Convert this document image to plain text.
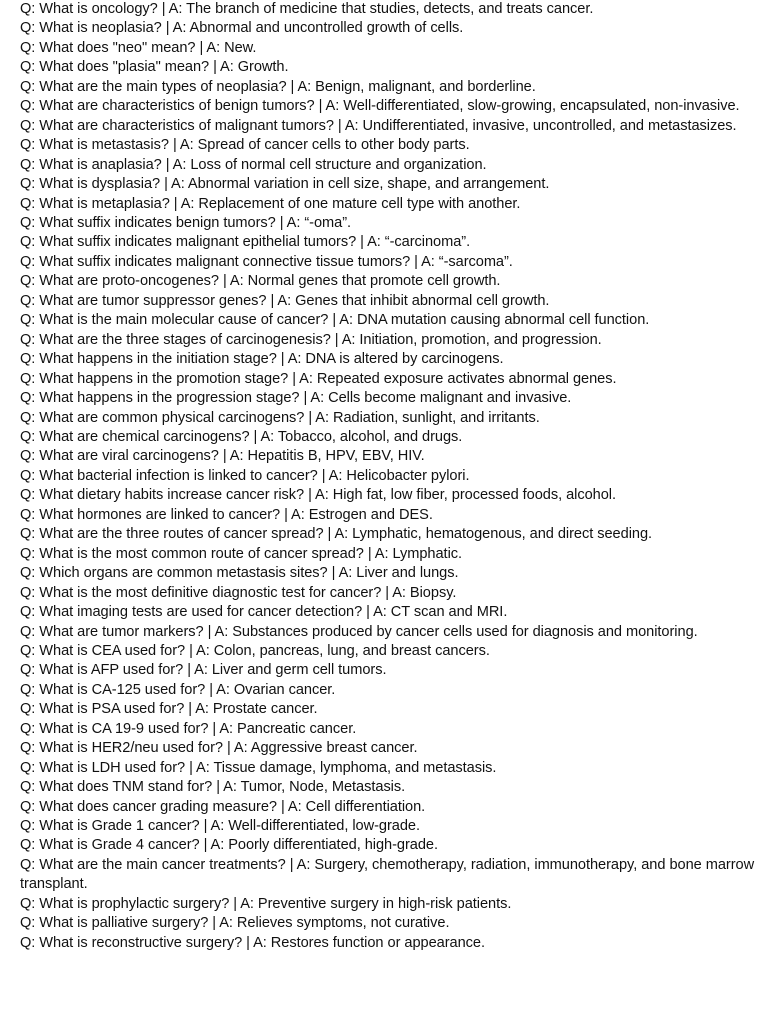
Q: What is oncology? | A: The branch of medicine that studies, detects, and treats cancer.

Q: What is neoplasia? | A: Abnormal and uncontrolled growth of cells.

Q: What does "neo" mean? | A: New.

Q: What does "plasia" mean? | A: Growth.

Q: What are the main types of neoplasia? | A: Benign, malignant, and borderline.

Q: What are characteristics of benign tumors? | A: Well-differentiated, slow-growing, encapsulated, non-invasive.

Q: What are characteristics of malignant tumors? | A: Undifferentiated, invasive, uncontrolled, and metastasizes.

Q: What is metastasis? | A: Spread of cancer cells to other body parts.

Q: What is anaplasia? | A: Loss of normal cell structure and organization.

Q: What is dysplasia? | A: Abnormal variation in cell size, shape, and arrangement.

Q: What is metaplasia? | A: Replacement of one mature cell type with another.

Q: What suffix indicates benign tumors? | A: “-oma”.

Q: What suffix indicates malignant epithelial tumors? | A: “-carcinoma”.

Q: What suffix indicates malignant connective tissue tumors? | A: “-sarcoma”.

Q: What are proto-oncogenes? | A: Normal genes that promote cell growth.

Q: What are tumor suppressor genes? | A: Genes that inhibit abnormal cell growth.

Q: What is the main molecular cause of cancer? | A: DNA mutation causing abnormal cell function.

Q: What are the three stages of carcinogenesis? | A: Initiation, promotion, and progression.

Q: What happens in the initiation stage? | A: DNA is altered by carcinogens.

Q: What happens in the promotion stage? | A: Repeated exposure activates abnormal genes.

Q: What happens in the progression stage? | A: Cells become malignant and invasive.

Q: What are common physical carcinogens? | A: Radiation, sunlight, and irritants.

Q: What are chemical carcinogens? | A: Tobacco, alcohol, and drugs.

Q: What are viral carcinogens? | A: Hepatitis B, HPV, EBV, HIV.

Q: What bacterial infection is linked to cancer? | A: Helicobacter pylori.

Q: What dietary habits increase cancer risk? | A: High fat, low fiber, processed foods, alcohol.

Q: What hormones are linked to cancer? | A: Estrogen and DES.

Q: What are the three routes of cancer spread? | A: Lymphatic, hematogenous, and direct seeding.

Q: What is the most common route of cancer spread? | A: Lymphatic.

Q: Which organs are common metastasis sites? | A: Liver and lungs.

Q: What is the most definitive diagnostic test for cancer? | A: Biopsy.

Q: What imaging tests are used for cancer detection? | A: CT scan and MRI.

Q: What are tumor markers? | A: Substances produced by cancer cells used for diagnosis and monitoring.

Q: What is CEA used for? | A: Colon, pancreas, lung, and breast cancers.

Q: What is AFP used for? | A: Liver and germ cell tumors.

Q: What is CA-125 used for? | A: Ovarian cancer.

Q: What is PSA used for? | A: Prostate cancer.

Q: What is CA 19-9 used for? | A: Pancreatic cancer.

Q: What is HER2/neu used for? | A: Aggressive breast cancer.

Q: What is LDH used for? | A: Tissue damage, lymphoma, and metastasis.

Q: What does TNM stand for? | A: Tumor, Node, Metastasis.

Q: What does cancer grading measure? | A: Cell differentiation.

Q: What is Grade 1 cancer? | A: Well-differentiated, low-grade.

Q: What is Grade 4 cancer? | A: Poorly differentiated, high-grade.

Q: What are the main cancer treatments? | A: Surgery, chemotherapy, radiation, immunotherapy, and bone marrow transplant.

Q: What is prophylactic surgery? | A: Preventive surgery in high-risk patients.

Q: What is palliative surgery? | A: Relieves symptoms, not curative.

Q: What is reconstructive surgery? | A: Restores function or appearance.
